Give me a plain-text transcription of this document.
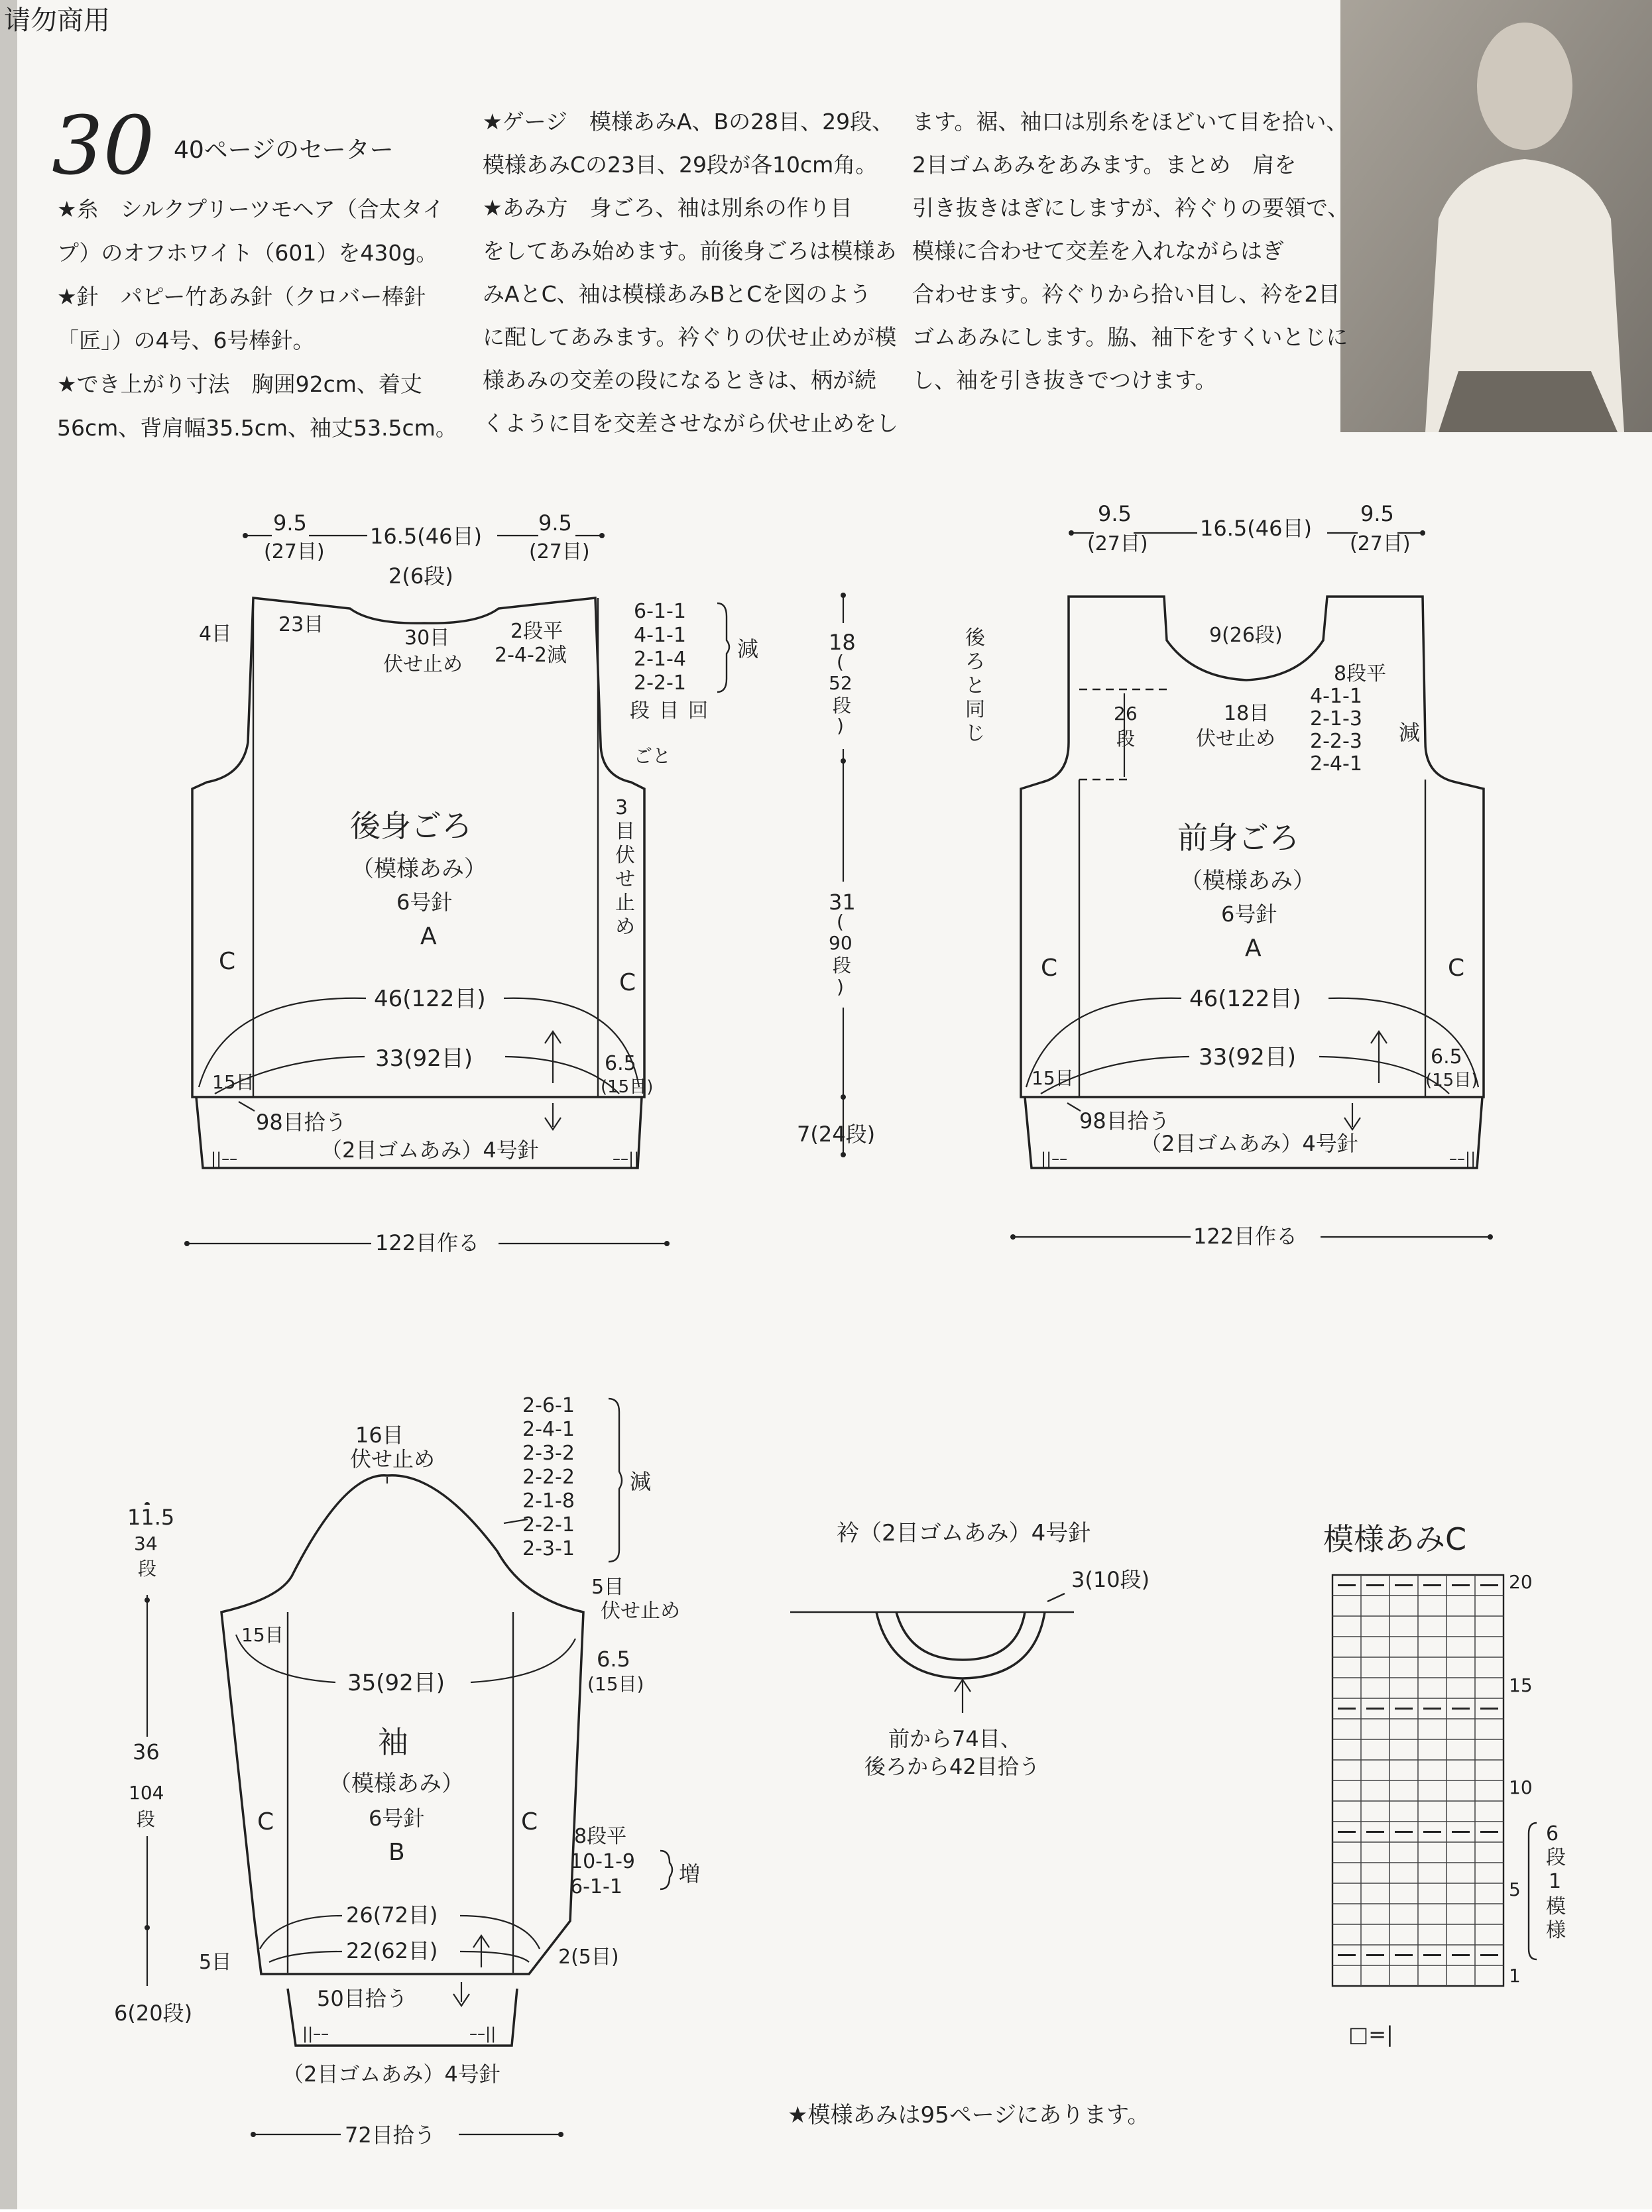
请勿商用
30 40ページのセーター
★糸　シルクプリーツモヘア（合太タイ
プ）のオフホワイト（601）を430g。
★針　パピー竹あみ針（クロバー棒針
「匠」）の4号、6号棒針。
★でき上がり寸法　胸囲92cm、着丈
56cm、背肩幅35.5cm、袖丈53.5cm。
★ゲージ　模様あみA、Bの28目、29段、
模様あみCの23目、29段が各10cm角。
★あみ方　身ごろ、袖は別糸の作り目
をしてあみ始めます。前後身ごろは模様あ
みAとC、袖は模様あみBとCを図のよう
に配してあみます。衿ぐりの伏せ止めが模
様あみの交差の段になるときは、柄が続
くように目を交差させながら伏せ止めをし
ます。裾、袖口は別糸をほどいて目を拾い、
2目ゴムあみをあみます。まとめ　肩を
引き抜きはぎにしますが、衿ぐりの要領で、
模様に合わせて交差を入れながらはぎ
合わせます。衿ぐりから拾い目し、衿を2目
ゴムあみにします。脇、袖下をすくいとじに
し、袖を引き抜きでつけます。
9.5
(27目)
16.5(46目)
9.5
(27目)
2(6段)
||––	––||
4目 23目
30目
伏せ止め
2段平
2-4-2減
6-1-1
4-1-1
2-1-4
2-2-1
減
段目回
ごと
3
目
伏
せ
止
め
後身ごろ
（模様あみ）
6号針
A
C
C
46(122目)
33(92目)
15目
6.5
(15目)
98目拾う
（2目ゴムあみ）4号針
122目作る
18
(
52
段
)
31
(
90
段
)
7(24段)
9.5
(27目)
16.5(46目)
9.5
(27目)
||––	––||
後
ろ
と
同
じ
9(26段)
26
段
18目
伏せ止め
8段平
4-1-1
2-1-3
2-2-3
2-4-1
減
前身ごろ
（模様あみ）
6号針
A
C	C
46(122目)
33(92目)
15目
6.5
(15目)
98目拾う
（2目ゴムあみ）4号針
122目作る
16目
伏せ止め
2-6-1
2-4-1
2-3-2
2-2-2
2-1-8
2-2-1
2-3-1
減
11.5
34
段
36
104
段
6(20段)
||––	––||
5目
伏せ止め
15目
6.5
(15目)
35(92目)
袖
（模様あみ）
6号針
B
C	C
8段平
10-1-9
6-1-1
増
26(72目)
22(62目)
5目	2(5目)
50目拾う
（2目ゴムあみ）4号針
72目拾う
衿（2目ゴムあみ）4号針
3(10段)
前から74目、
後ろから42目拾う
模様あみC
20
15
10
5
1
6
段
1
模
様
□=|
★模様あみは95ページにあります。
